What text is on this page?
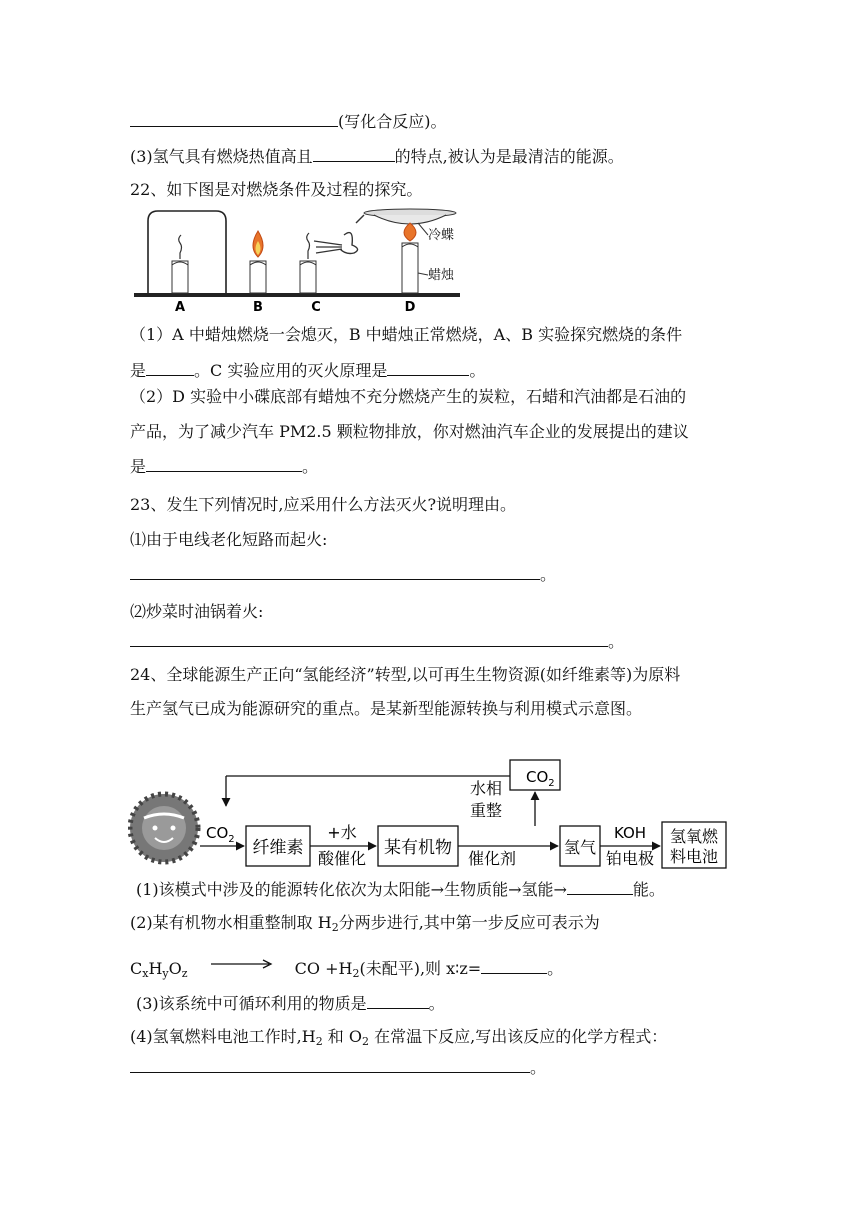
(写化合反应)。
(3)氢气具有燃烧热值高且	的特点,被认为是最清洁的能源。
22、如下图是对燃烧条件及过程的探究。
冷蝶
蜡烛
A	B	C	D
（1）A 中蜡烛燃烧一会熄灭，B 中蜡烛正常燃烧，A、B 实验探究燃烧的条件
是	。C 实验应用的灭火原理是	。
（2）D 实验中小碟底部有蜡烛不充分燃烧产生的炭粒，石蜡和汽油都是石油的
产品，为了减少汽车 PM2.5 颗粒物排放，你对燃油汽车企业的发展提出的建议
是	。
23、发生下列情况时,应采用什么方法灭火?说明理由。
⑴由于电线老化短路而起火:
。
⑵炒菜时油锅着火:
。
24、全球能源生产正向“氢能经济”转型,以可再生生物资源(如纤维素等)为原料
生产氢气已成为能源研究的重点。是某新型能源转换与利用模式示意图。
$CO_2$
$CO_2$ 纤维素
+水
酸催化
某有机物
水相
重整
催化剂
氢气
KOH
铂电极
氢氧燃
料电池
(1)该模式中涉及的能源转化依次为太阳能→生物质能→氢能→	能。
(2)某有机物水相重整制取 $H_2$分两步进行,其中第一步反应可表示为
$C_xH_yO_z$ → CO $+H_2$(未配平),则 x∶z=	。
(3)该系统中可循环利用的物质是	。
(4)氢氧燃料电池工作时$,H_2$ 和 $O_2$ 在常温下反应,写出该反应的化学方程式：
。
